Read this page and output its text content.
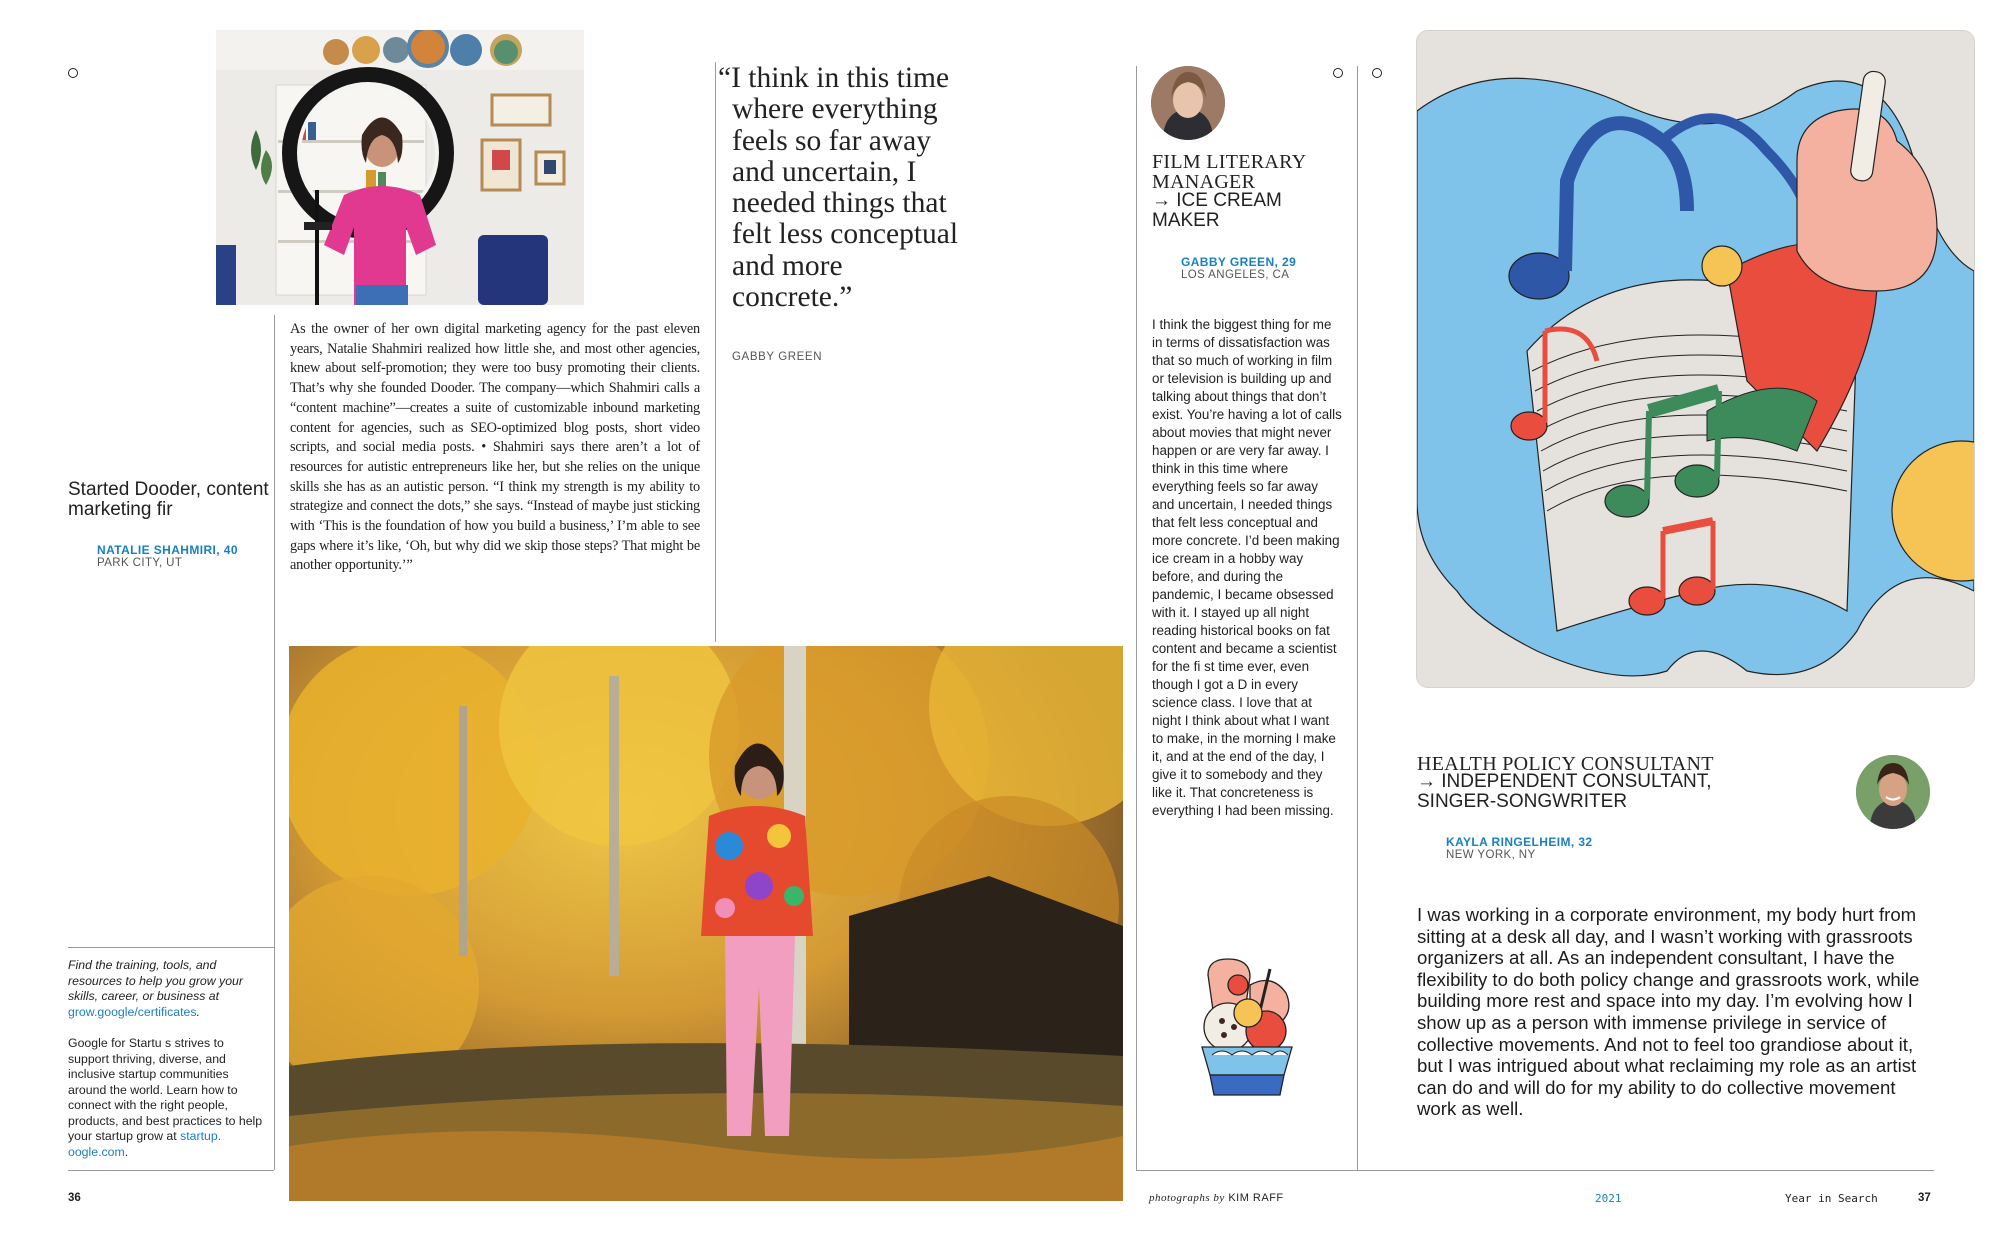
Started Dooder, content marketing fir
NATALIE SHAHMIRI, 40
PARK CITY, UT

As the owner of her own digital marketing agency for the past eleven years, Natalie Shahmiri realized how little she, and most other agencies, knew about self-promotion; they were too busy promoting their clients. That’s why she founded Dooder. The company—which Shahmiri calls a “content machine”—creates a suite of customizable inbound marketing content for agencies, such as SEO-optimized blog posts, short video scripts, and social media posts. • Shahmiri says there aren’t a lot of resources for autistic entrepreneurs like her, but she relies on the unique skills she has as an autistic person. “I think my strength is my ability to strategize and connect the dots,” she says. “Instead of maybe just sticking with ‘This is the foundation of how you build a business,’ I’m able to see gaps where it’s like, ‘Oh, but why did we skip those steps? That might be another opportunity.’”

“I think in this time where everything feels so far away and uncertain, I needed things that felt less conceptual and more concrete.”
GABBY GREEN

Find the training, tools, and resources to help you grow your skills, career, or business at grow.google/certificates.

Google for Startu s strives to support thriving, diverse, and inclusive startup communities around the world. Learn how to connect with the right people, products, and best practices to help your startup grow at startup. oogle.com.

36	photographs by KIM RAFF
FILM LITERARY MANAGER
→ ICE CREAM MAKER
GABBY GREEN, 29
LOS ANGELES, CA

I think the biggest thing for me in terms of dissatisfaction was that so much of working in film or television is building up and talking about things that don’t exist. You’re having a lot of calls about movies that might never happen or are very far away. I think in this time where everything feels so far away and uncertain, I needed things that felt less conceptual and more concrete. I’d been making ice cream in a hobby way before, and during the pandemic, I became obsessed with it. I stayed up all night reading historical books on fat content and became a scientist for the fi st time ever, even though I got a D in every science class. I love that at night I think about what I want to make, in the morning I make it, and at the end of the day, I give it to somebody and they like it. That concreteness is everything I had been missing.

HEALTH POLICY CONSULTANT
→ INDEPENDENT CONSULTANT, SINGER-SONGWRITER
KAYLA RINGELHEIM, 32
NEW YORK, NY

I was working in a corporate environment, my body hurt from sitting at a desk all day, and I wasn’t working with grassroots organizers at all. As an independent consultant, I have the flexibility to do both policy change and grassroots work, while building more rest and space into my day. I’m evolving how I show up as a person with immense privilege in service of collective movements. And not to feel too grandiose about it, but I was intrigued about what reclaiming my role as an artist can do and will do for my ability to do collective movement work as well.

2021	Year in Search	37
